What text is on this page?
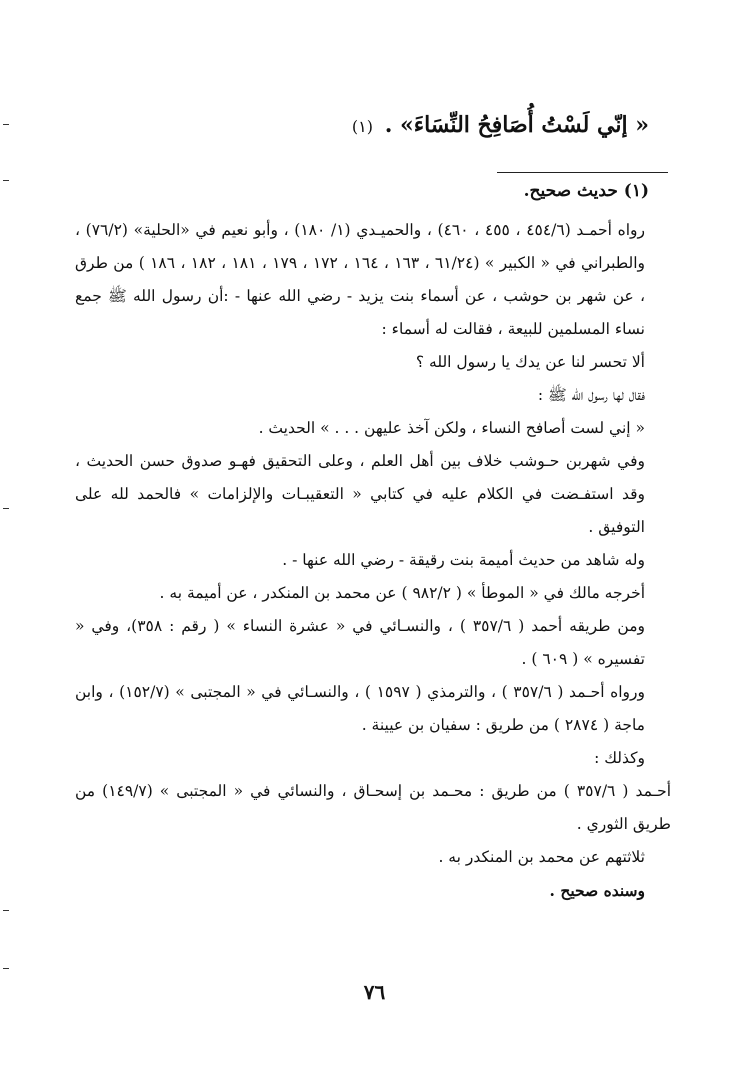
« إنّي لَسْتُ أُصَافِحُ النِّسَاءَ» . (١)
(١) حديث صحيح.

رواه أحمـد (٤٥٤/٦ ، ٤٥٥ ، ٤٦٠) ، والحميـدي (١/ ١٨٠) ، وأبو نعيم في «الحلية» (٧٦/٢) ، والطبراني في « الكبير » (٦١/٢٤ ، ١٦٣ ، ١٦٤ ، ١٧٢ ، ١٧٩ ، ١٨١ ، ١٨٢ ، ١٨٦ ) من طرق ، عن شهر بن حوشب ، عن أسماء بنت يزيد - رضي الله عنها - :أن رسول الله ﷺ جمع نساء المسلمين للبيعة ، فقالت له أسماء :

ألا تحسر لنا عن يدك يا رسول الله ؟

فقال لها رسول الله ﷺ :

« إني لست أصافح النساء ، ولكن آخذ عليهن . . . » الحديث .

وفي شهربن حـوشب خلاف بين أهل العلم ، وعلى التحقيق فهـو صدوق حسن الحديث ، وقد استفـضت في الكلام عليه في كتابي « التعقيبـات والإلزامات » فالحمد لله على التوفيق .

وله شاهد من حديث أميمة بنت رقيقة - رضي الله عنها - .

أخرجه مالك في « الموطأ » ( ٩٨٢/٢ ) عن محمد بن المنكدر ، عن أميمة به .

ومن طريقه أحمد ( ٣٥٧/٦ ) ، والنسـائي في « عشرة النساء » ( رقم : ٣٥٨)، وفي « تفسيره » ( ٦٠٩ ) .

ورواه أحـمد ( ٣٥٧/٦ ) ، والترمذي ( ١٥٩٧ ) ، والنسـائي في « المجتبى » (١٥٢/٧) ، وابن ماجة ( ٢٨٧٤ ) من طريق : سفيان بن عيينة .

وكذلك :

أحـمد ( ٣٥٧/٦ ) من طريق : محـمد بن إسحـاق ، والنسائي في « المجتبى » (١٤٩/٧) من طريق الثوري .

ثلاثتهم عن محمد بن المنكدر به .

وسنده صحيح .

٧٦
